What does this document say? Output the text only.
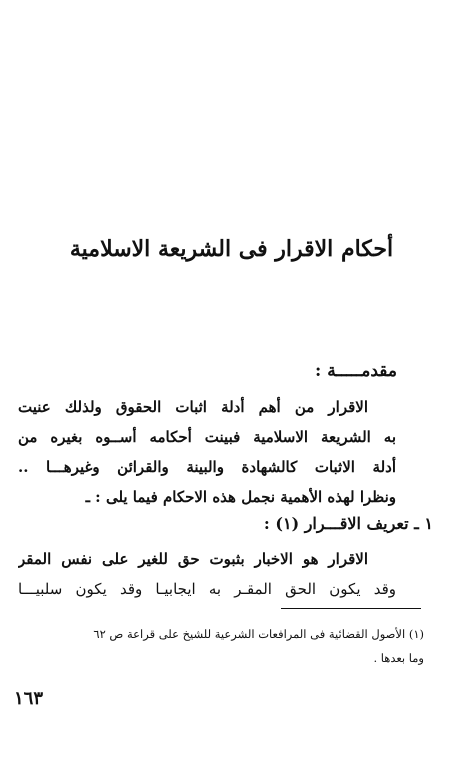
أحكام الاقرار فى الشريعة الاسلامية
مقدمـــــة :
الاقرار من أهم أدلة اثبات الحقوق ولذلك عنيت
به الشريعة الاسلامية فبينت أحكامه أســوه بغيره من
أدلة الاثبات كالشهادة والبينة والقرائن وغيرهـــا ..
ونظرا لهذه الأهمية نجمل هذه الاحكام فيما يلى : ـ
١ ـ تعريف الاقـــرار (١) :
الاقرار هو الاخبار بثبوت حق للغير على نفس المقر
وقد يكون الحق المقـر به ايجابيـا وقد يكون سلبيـــا
(١) الأصول القضائية فى المرافعات الشرعية للشيخ على قراعة ص ٦٢
وما بعدها .
١٦٣
